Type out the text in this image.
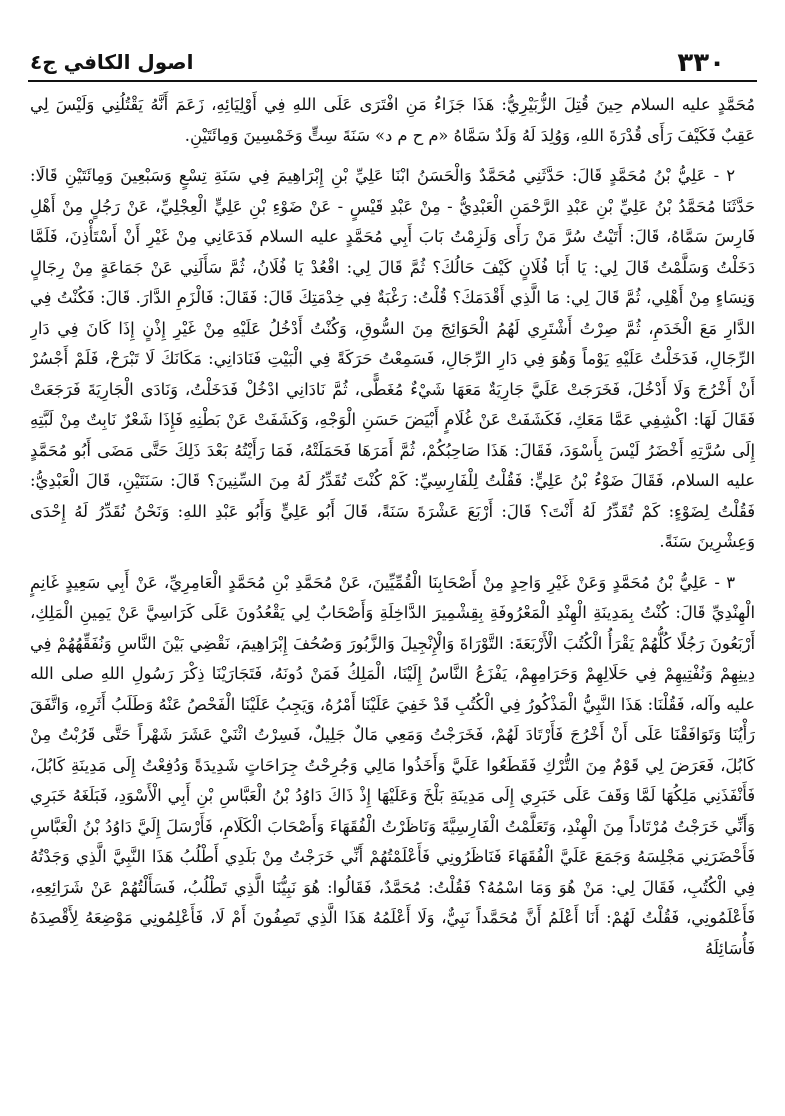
اصول الكافي ج٤	٣٣٠

مُحَمَّدٍ عليه السلام حِينَ قُتِلَ الزُّبَيْرِيُّ: هَذَا جَزَاءُ مَنِ افْتَرَى عَلَى اللهِ فِي أَوْلِيَائِهِ، زَعَمَ أَنَّهُ يَقْتُلُنِي وَلَيْسَ لِي عَقِبٌ فَكَيْفَ رَأَى قُدْرَةَ اللهِ، وَوُلِدَ لَهُ وَلَدٌ سَمَّاهُ «م ح م د» سَنَةَ سِتٍّ وَخَمْسِينَ وَمِائَتَيْنِ.

٢ - عَلِيُّ بْنُ مُحَمَّدٍ قَالَ: حَدَّثَنِي مُحَمَّدٌ وَالْحَسَنُ ابْنَا عَلِيِّ بْنِ إِبْرَاهِيمَ فِي سَنَةِ تِسْعٍ وَسَبْعِينَ وَمِائَتَيْنِ قَالَا: حَدَّثَنَا مُحَمَّدُ بْنُ عَلِيِّ بْنِ عَبْدِ الرَّحْمَنِ الْعَبْدِيُّ - مِنْ عَبْدِ قَيْسٍ - عَنْ ضَوْءِ بْنِ عَلِيٍّ الْعِجْلِيِّ، عَنْ رَجُلٍ مِنْ أَهْلِ فَارِسَ سَمَّاهُ، قَالَ: أَتَيْتُ سُرَّ مَنْ رَأَى وَلَزِمْتُ بَابَ أَبِي مُحَمَّدٍ عليه السلام فَدَعَانِي مِنْ غَيْرِ أَنْ أَسْتَأْذِنَ، فَلَمَّا دَخَلْتُ وَسَلَّمْتُ قَالَ لِي: يَا أَبَا فُلَانٍ كَيْفَ حَالُكَ؟ ثُمَّ قَالَ لِي: اقْعُدْ يَا فُلَانُ، ثُمَّ سَأَلَنِي عَنْ جَمَاعَةٍ مِنْ رِجَالٍ وَنِسَاءٍ مِنْ أَهْلِي، ثُمَّ قَالَ لِي: مَا الَّذِي أَقْدَمَكَ؟ قُلْتُ: رَغْبَةٌ فِي خِدْمَتِكَ قَالَ: فَقَالَ: فَالْزَمِ الدَّارَ. قَالَ: فَكُنْتُ فِي الدَّارِ مَعَ الْخَدَمِ، ثُمَّ صِرْتُ أَشْتَرِي لَهُمُ الْحَوَائِجَ مِنَ السُّوقِ، وَكُنْتُ أَدْخُلُ عَلَيْهِ مِنْ غَيْرِ إِذْنٍ إِذَا كَانَ فِي دَارِ الرِّجَالِ، فَدَخَلْتُ عَلَيْهِ يَوْماً وَهُوَ فِي دَارِ الرِّجَالِ، فَسَمِعْتُ حَرَكَةً فِي الْبَيْتِ فَنَادَانِي: مَكَانَكَ لَا تَبْرَحْ، فَلَمْ أَجْسُرْ أَنْ أَخْرُجَ وَلَا أَدْخُلَ، فَخَرَجَتْ عَلَيَّ جَارِيَةٌ مَعَهَا شَيْءٌ مُغَطًّى، ثُمَّ نَادَانِي ادْخُلْ فَدَخَلْتُ، وَنَادَى الْجَارِيَةَ فَرَجَعَتْ فَقَالَ لَهَا: اكْشِفِي عَمَّا مَعَكِ، فَكَشَفَتْ عَنْ غُلَامٍ أَبْيَضَ حَسَنِ الْوَجْهِ، وَكَشَفَتْ عَنْ بَطْنِهِ فَإِذَا شَعْرٌ نَابِتٌ مِنْ لَبَّتِهِ إِلَى سُرَّتِهِ أَخْضَرُ لَيْسَ بِأَسْوَدَ، فَقَالَ: هَذَا صَاحِبُكُمْ، ثُمَّ أَمَرَهَا فَحَمَلَتْهُ، فَمَا رَأَيْتُهُ بَعْدَ ذَلِكَ حَتَّى مَضَى أَبُو مُحَمَّدٍ عليه السلام، فَقَالَ ضَوْءُ بْنُ عَلِيٍّ: فَقُلْتُ لِلْفَارِسِيِّ: كَمْ كُنْتَ تُقَدِّرُ لَهُ مِنَ السِّنِينَ؟ قَالَ: سَنَتَيْنِ، قَالَ الْعَبْدِيُّ: فَقُلْتُ لِضَوْءٍ: كَمْ تُقَدِّرُ لَهُ أَنْتَ؟ قَالَ: أَرْبَعَ عَشْرَةَ سَنَةً، قَالَ أَبُو عَلِيٍّ وَأَبُو عَبْدِ اللهِ: وَنَحْنُ نُقَدِّرُ لَهُ إِحْدَى وَعِشْرِينَ سَنَةً.

٣ - عَلِيُّ بْنُ مُحَمَّدٍ وَعَنْ غَيْرِ وَاحِدٍ مِنْ أَصْحَابِنَا الْقُمِّيِّينَ، عَنْ مُحَمَّدِ بْنِ مُحَمَّدٍ الْعَامِرِيِّ، عَنْ أَبِي سَعِيدٍ غَانِمٍ الْهِنْدِيِّ قَالَ: كُنْتُ بِمَدِينَةِ الْهِنْدِ الْمَعْرُوفَةِ بِقِشْمِيرَ الدَّاخِلَةِ وَأَصْحَابٌ لِي يَقْعُدُونَ عَلَى كَرَاسِيَّ عَنْ يَمِينِ الْمَلِكِ، أَرْبَعُونَ رَجُلًا كُلُّهُمْ يَقْرَأُ الْكُتُبَ الْأَرْبَعَةَ: التَّوْرَاةَ وَالْإِنْجِيلَ وَالزَّبُورَ وَصُحُفَ إِبْرَاهِيمَ، نَقْضِي بَيْنَ النَّاسِ وَنُفَقِّهُهُمْ فِي دِينِهِمْ وَنُفْتِيهِمْ فِي حَلَالِهِمْ وَحَرَامِهِمْ، يَفْزَعُ النَّاسُ إِلَيْنَا، الْمَلِكُ فَمَنْ دُونَهُ، فَتَجَارَيْنَا ذِكْرَ رَسُولِ اللهِ صلى الله عليه وآله، فَقُلْنَا: هَذَا النَّبِيُّ الْمَذْكُورُ فِي الْكُتُبِ قَدْ خَفِيَ عَلَيْنَا أَمْرُهُ، وَيَجِبُ عَلَيْنَا الْفَحْصُ عَنْهُ وَطَلَبُ أَثَرِهِ، وَاتَّفَقَ رَأْيُنَا وَتَوَافَقْنَا عَلَى أَنْ أَخْرُجَ فَأَرْتَادَ لَهُمْ، فَخَرَجْتُ وَمَعِي مَالٌ جَلِيلٌ، فَسِرْتُ اثْنَيْ عَشَرَ شَهْراً حَتَّى قَرُبْتُ مِنْ كَابُلَ، فَعَرَضَ لِي قَوْمٌ مِنَ التُّرْكِ فَقَطَعُوا عَلَيَّ وَأَخَذُوا مَالِي وَجُرِحْتُ جِرَاحَاتٍ شَدِيدَةً وَدُفِعْتُ إِلَى مَدِينَةِ كَابُلَ، فَأَنْفَذَنِي مَلِكُهَا لَمَّا وَقَفَ عَلَى خَبَرِي إِلَى مَدِينَةِ بَلْخَ وَعَلَيْهَا إِذْ ذَاكَ دَاوُدُ بْنُ الْعَبَّاسِ بْنِ أَبِي الْأَسْوَدِ، فَبَلَغَهُ خَبَرِي وَأَنِّي خَرَجْتُ مُرْتَاداً مِنَ الْهِنْدِ، وَتَعَلَّمْتُ الْفَارِسِيَّةَ وَنَاظَرْتُ الْفُقَهَاءَ وَأَصْحَابَ الْكَلَامِ، فَأَرْسَلَ إِلَيَّ دَاوُدُ بْنُ الْعَبَّاسِ فَأَحْضَرَنِي مَجْلِسَهُ وَجَمَعَ عَلَيَّ الْفُقَهَاءَ فَنَاظَرُونِي فَأَعْلَمْتُهُمْ أَنِّي خَرَجْتُ مِنْ بَلَدِي أَطْلُبُ هَذَا النَّبِيَّ الَّذِي وَجَدْتُهُ فِي الْكُتُبِ، فَقَالَ لِي: مَنْ هُوَ وَمَا اسْمُهُ؟ فَقُلْتُ: مُحَمَّدٌ، فَقَالُوا: هُوَ نَبِيُّنَا الَّذِي تَطْلُبُ، فَسَأَلْتُهُمْ عَنْ شَرَائِعِهِ، فَأَعْلَمُونِي، فَقُلْتُ لَهُمْ: أَنَا أَعْلَمُ أَنَّ مُحَمَّداً نَبِيٌّ، وَلَا أَعْلَمُهُ هَذَا الَّذِي تَصِفُونَ أَمْ لَا، فَأَعْلِمُونِي مَوْضِعَهُ لِأَقْصِدَهُ فَأُسَائِلَهُ
